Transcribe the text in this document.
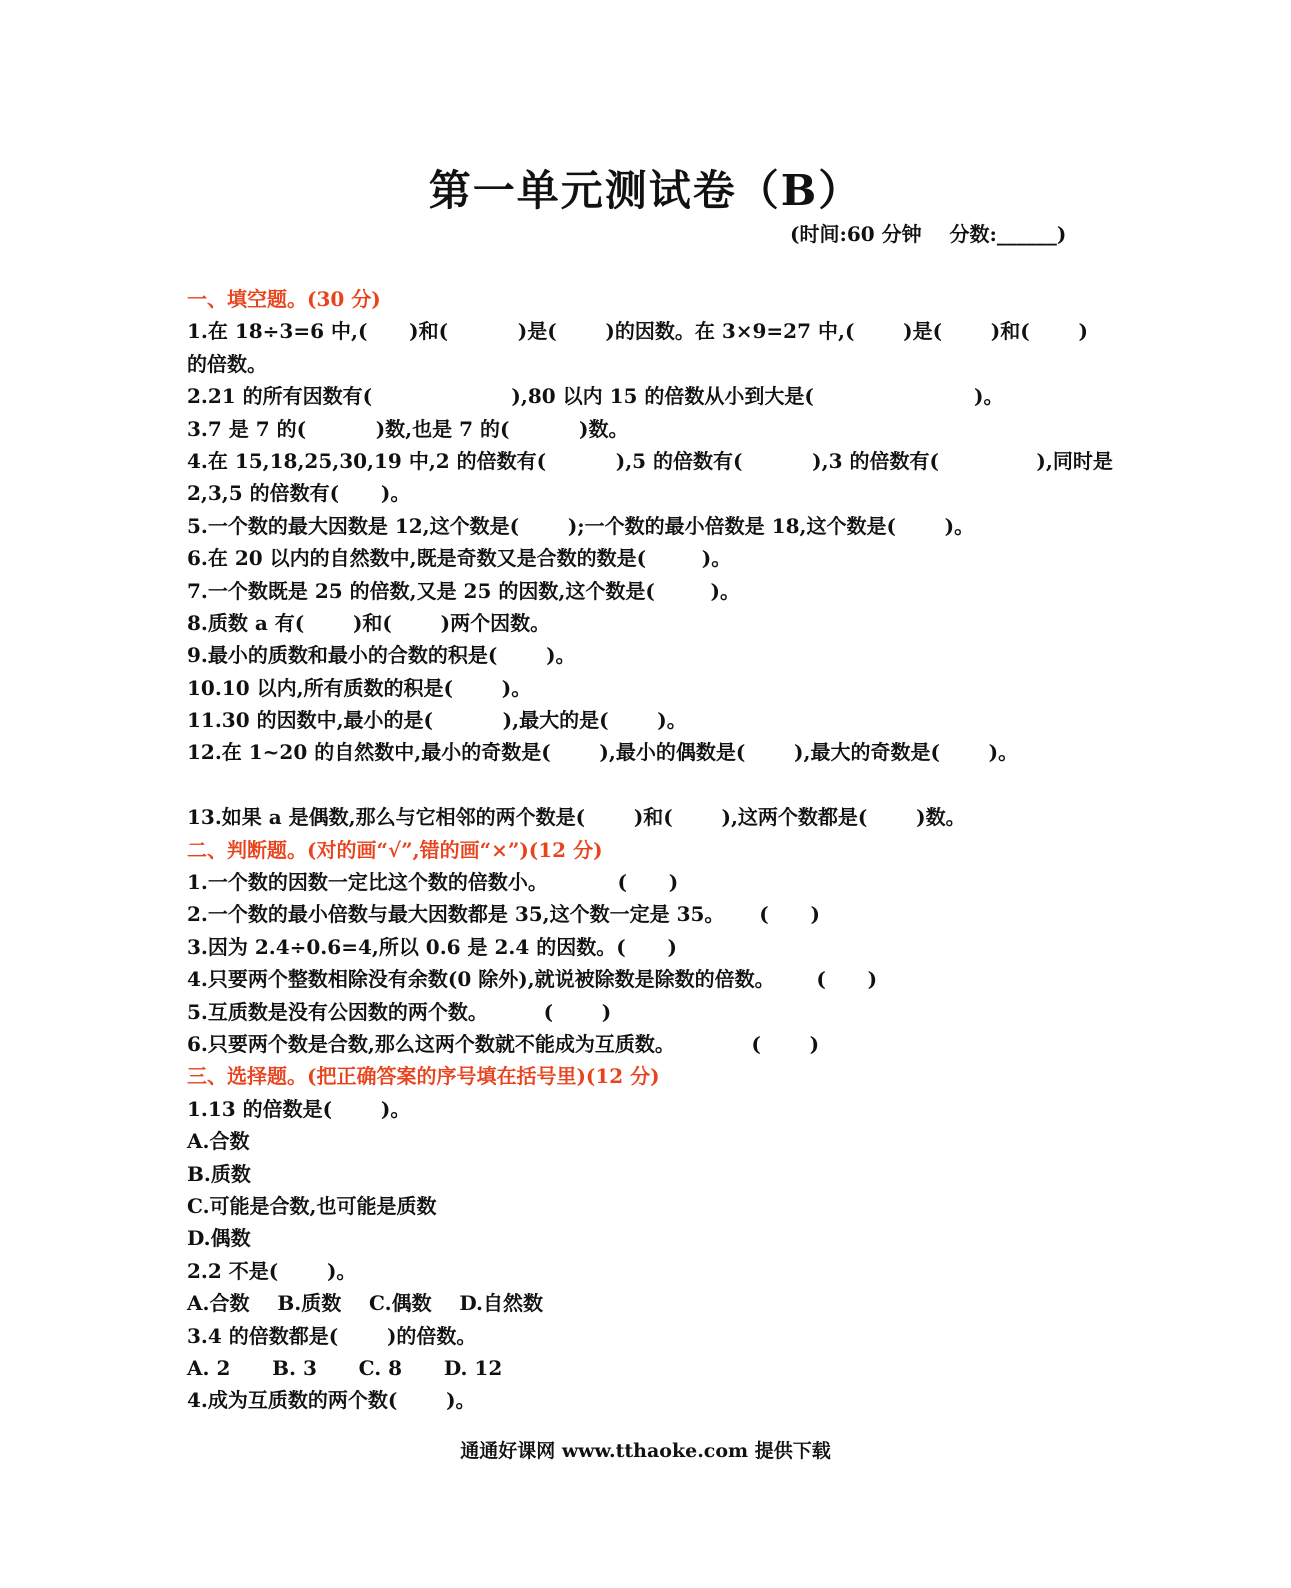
第一单元测试卷（B）
(时间:60 分钟    分数:______)
一、填空题。(30 分)
1.在 18÷3=6 中,(      )和(          )是(       )的因数。在 3×9=27 中,(       )是(       )和(       )
的倍数。
2.21 的所有因数有(                    ),80 以内 15 的倍数从小到大是(                       )。
3.7 是 7 的(          )数,也是 7 的(          )数。
4.在 15,18,25,30,19 中,2 的倍数有(          ),5 的倍数有(          ),3 的倍数有(              ),同时是
2,3,5 的倍数有(      )。
5.一个数的最大因数是 12,这个数是(       );一个数的最小倍数是 18,这个数是(       )。
6.在 20 以内的自然数中,既是奇数又是合数的数是(        )。
7.一个数既是 25 的倍数,又是 25 的因数,这个数是(        )。
8.质数 a 有(       )和(       )两个因数。
9.最小的质数和最小的合数的积是(       )。
10.10 以内,所有质数的积是(       )。
11.30 的因数中,最小的是(          ),最大的是(       )。
12.在 1~20 的自然数中,最小的奇数是(       ),最小的偶数是(       ),最大的奇数是(       )。
13.如果 a 是偶数,那么与它相邻的两个数是(       )和(       ),这两个数都是(       )数。
二、判断题。(对的画“√”,错的画“×”)(12 分)
1.一个数的因数一定比这个数的倍数小。          (      )
2.一个数的最小倍数与最大因数都是 35,这个数一定是 35。     (      )
3.因为 2.4÷0.6=4,所以 0.6 是 2.4 的因数。(      )
4.只要两个整数相除没有余数(0 除外),就说被除数是除数的倍数。      (      )
5.互质数是没有公因数的两个数。        (       )
6.只要两个数是合数,那么这两个数就不能成为互质数。           (       )
三、选择题。(把正确答案的序号填在括号里)(12 分)
1.13 的倍数是(       )。
A.合数
B.质数
C.可能是合数,也可能是质数
D.偶数
2.2 不是(       )。
A.合数    B.质数    C.偶数    D.自然数
3.4 的倍数都是(       )的倍数。
A. 2      B. 3      C. 8      D. 12
4.成为互质数的两个数(       )。
通通好课网 www.tthaoke.com 提供下载
